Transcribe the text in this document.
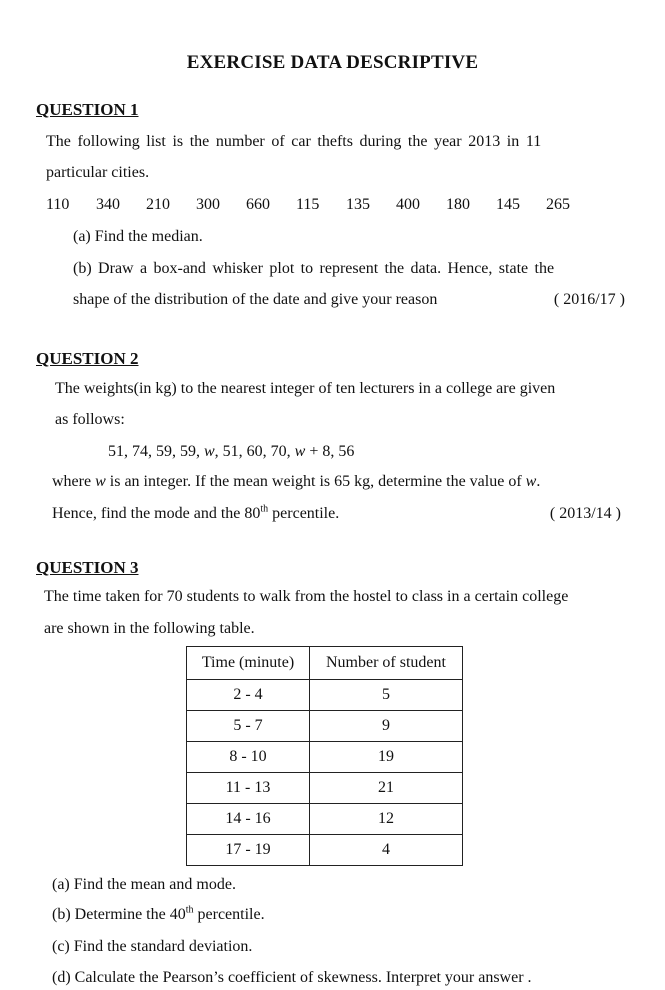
EXERCISE DATA DESCRIPTIVE
QUESTION 1
The following list is the number of car thefts during the year 2013 in 11
particular cities.
110 340 210 300 660 115 135 400 180 145 265
(a) Find the median.
(b) Draw a box-and whisker plot to represent the data. Hence, state the
shape of the distribution of the date and give your reason	( 2016/17 )
QUESTION 2
The weights(in kg) to the nearest integer of ten lecturers in a college are given
as follows:
51, 74, 59, 59, w, 51, 60, 70, w + 8, 56
where w is an integer. If the mean weight is 65 kg, determine the value of w.
Hence, find the mode and the 80th percentile.	( 2013/14 )
QUESTION 3
The time taken for 70 students to walk from the hostel to class in a certain college
are shown in the following table.
Time (minute)	Number of student
2 - 4	5
5 - 7	9
8 - 10	19
11 - 13	21
14 - 16	12
17 - 19	4
(a) Find the mean and mode.
(b) Determine the 40th percentile.
(c) Find the standard deviation.
(d) Calculate the Pearson’s coefficient of skewness. Interpret your answer .
